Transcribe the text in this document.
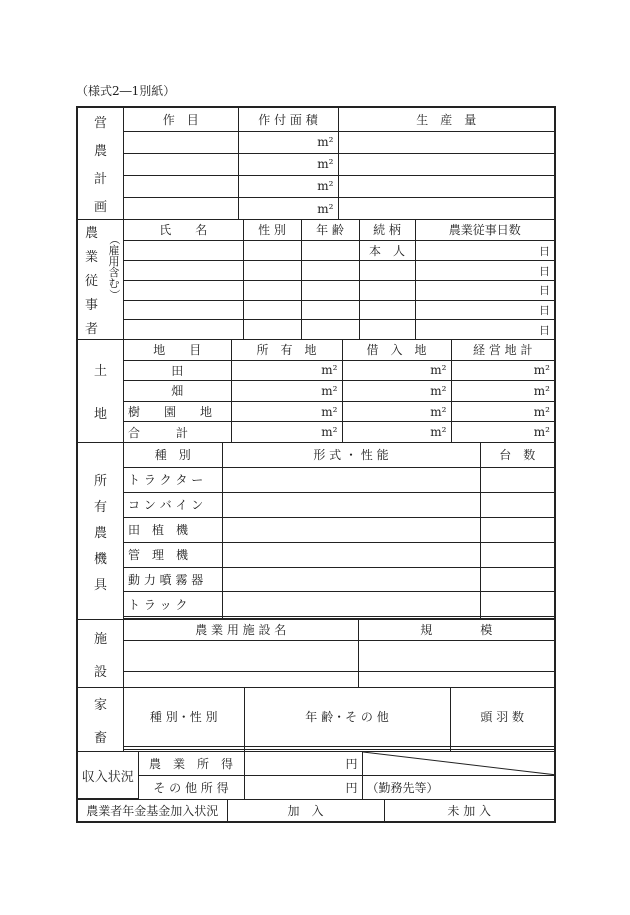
（様式2―1別紙）
営
農
計
画
作　目	作 付 面 積	生　産　量
	m²	
	m²	
	m²	
	m²	
農
業
従
事
者
（
雇
用
含
む
）
氏　　名	性 別	年 齢	続 柄	農業従事日数
			本　人	日
				日
				日
				日
				日
土
地
地　　目	所　有　地	借　入　地	経 営 地 計
田	m²	m²	m²
畑	m²	m²	m²
樹　　園　　地	m²	m²	m²
合　　　計	m²	m²	m²
所
有
農
機
具
種　別	形 式 ・ 性 能	台　数
ト ラ ク タ ー		
コ ン バ イ ン		
田　植　機		
管　理　機		
動 力 噴 霧 器		
ト ラ ッ ク		

施
設
農 業 用 施 設 名	規　　　　模

家
畜
種 別・性 別	年 齢・そ の 他	頭 羽 数

収入状況	農　業　所　得	円	

	そ の 他 所 得	円	（勤務先等）
農業者年金基金加入状況	加　入	未 加 入
